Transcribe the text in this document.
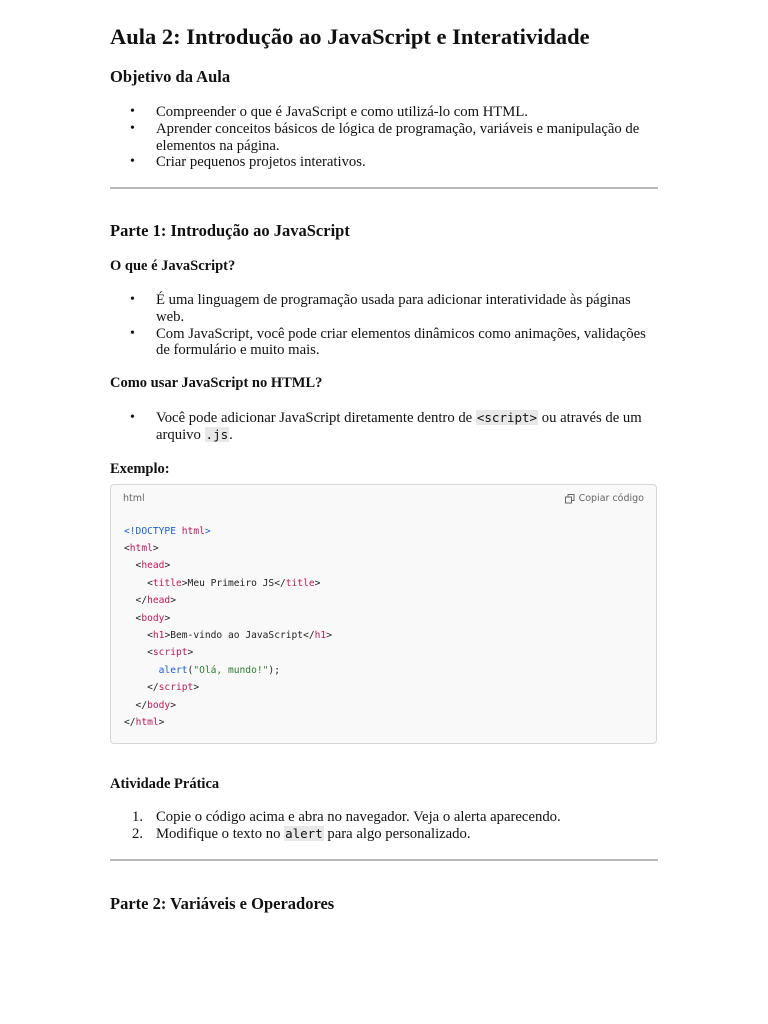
Aula 2: Introdução ao JavaScript e Interatividade
Objetivo da Aula
• Compreender o que é JavaScript e como utilizá-lo com HTML.
• Aprender conceitos básicos de lógica de programação, variáveis e manipulação de elementos na página.
• Criar pequenos projetos interativos.
Parte 1: Introdução ao JavaScript
O que é JavaScript?
• É uma linguagem de programação usada para adicionar interatividade às páginas web.
• Com JavaScript, você pode criar elementos dinâmicos como animações, validações de formulário e muito mais.
Como usar JavaScript no HTML?
• Você pode adicionar JavaScript diretamente dentro de <script> ou através de um arquivo .js.
Exemplo:
html	Copiar código
<!DOCTYPE html>
<html>
<head>
<title>Meu Primeiro JS</title>
</head>
<body>
<h1>Bem-vindo ao JavaScript</h1>
<script>
alert("Olá, mundo!");
</script>
</body>
</html>
Atividade Prática
1. Copie o código acima e abra no navegador. Veja o alerta aparecendo.
2. Modifique o texto no alert para algo personalizado.
Parte 2: Variáveis e Operadores
